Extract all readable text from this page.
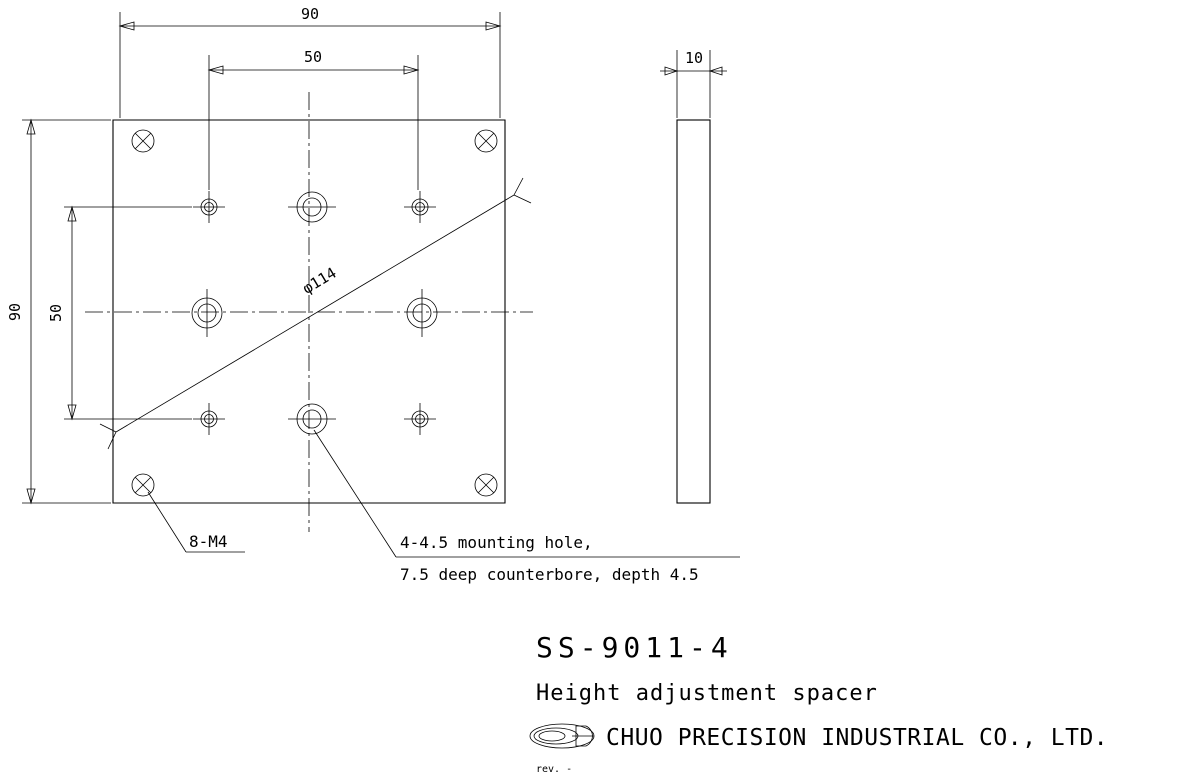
φ114
90
50
90 50
10
8-M4	4-4.5 mounting hole,
7.5 deep counterbore, depth 4.5
SS-9011-4
Height adjustment spacer
CHUO PRECISION INDUSTRIAL CO., LTD.
rev. -
